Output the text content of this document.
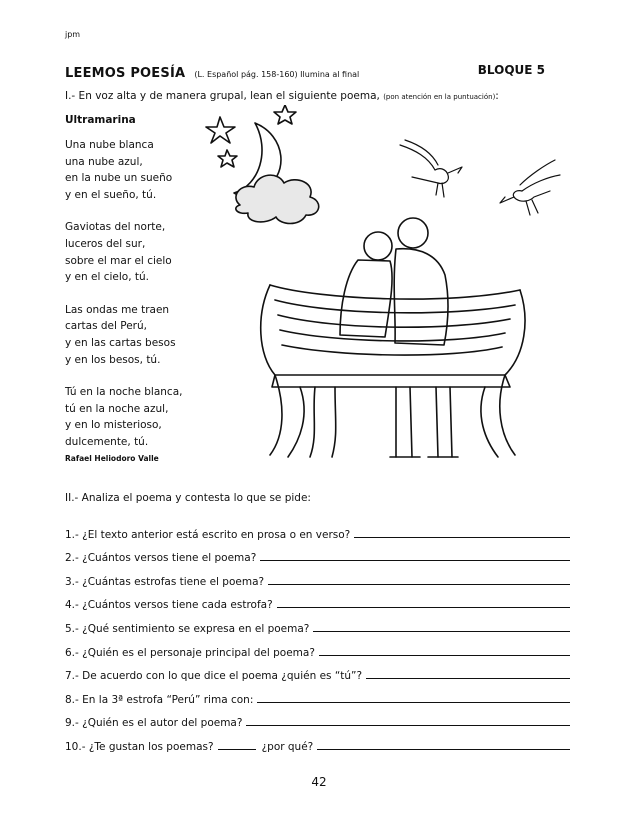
jpm
LEEMOS POESÍA (L. Español pág. 158-160) Ilumina al final	BLOQUE 5
I.- En voz alta y de manera grupal, lean el siguiente poema, (pon atención en la puntuación):
Ultramarina
Una nube blanca
una nube azul,
en la nube un sueño
y en el sueño, tú.
Gaviotas del norte,
luceros del sur,
sobre el mar el cielo
y en el cielo, tú.
Las ondas me traen
cartas del Perú,
y en las cartas besos
y en los besos, tú.
Tú en la noche blanca,
tú en la noche azul,
y en lo misterioso,
dulcemente, tú.
Rafael Heliodoro Valle
II.- Analiza el poema y contesta lo que se pide:
1.- ¿El texto anterior está escrito en prosa o en verso?
2.- ¿Cuántos versos tiene el poema?
3.- ¿Cuántas estrofas tiene el poema?
4.- ¿Cuántos versos tiene cada estrofa?
5.- ¿Qué sentimiento se expresa en el poema?
6.- ¿Quién es el personaje principal del poema?
7.- De acuerdo con lo que dice el poema ¿quién es “tú”?
8.- En la 3ª estrofa “Perú” rima con:
9.- ¿Quién es el autor del poema?
10.- ¿Te gustan los poemas?	¿por qué?
42
